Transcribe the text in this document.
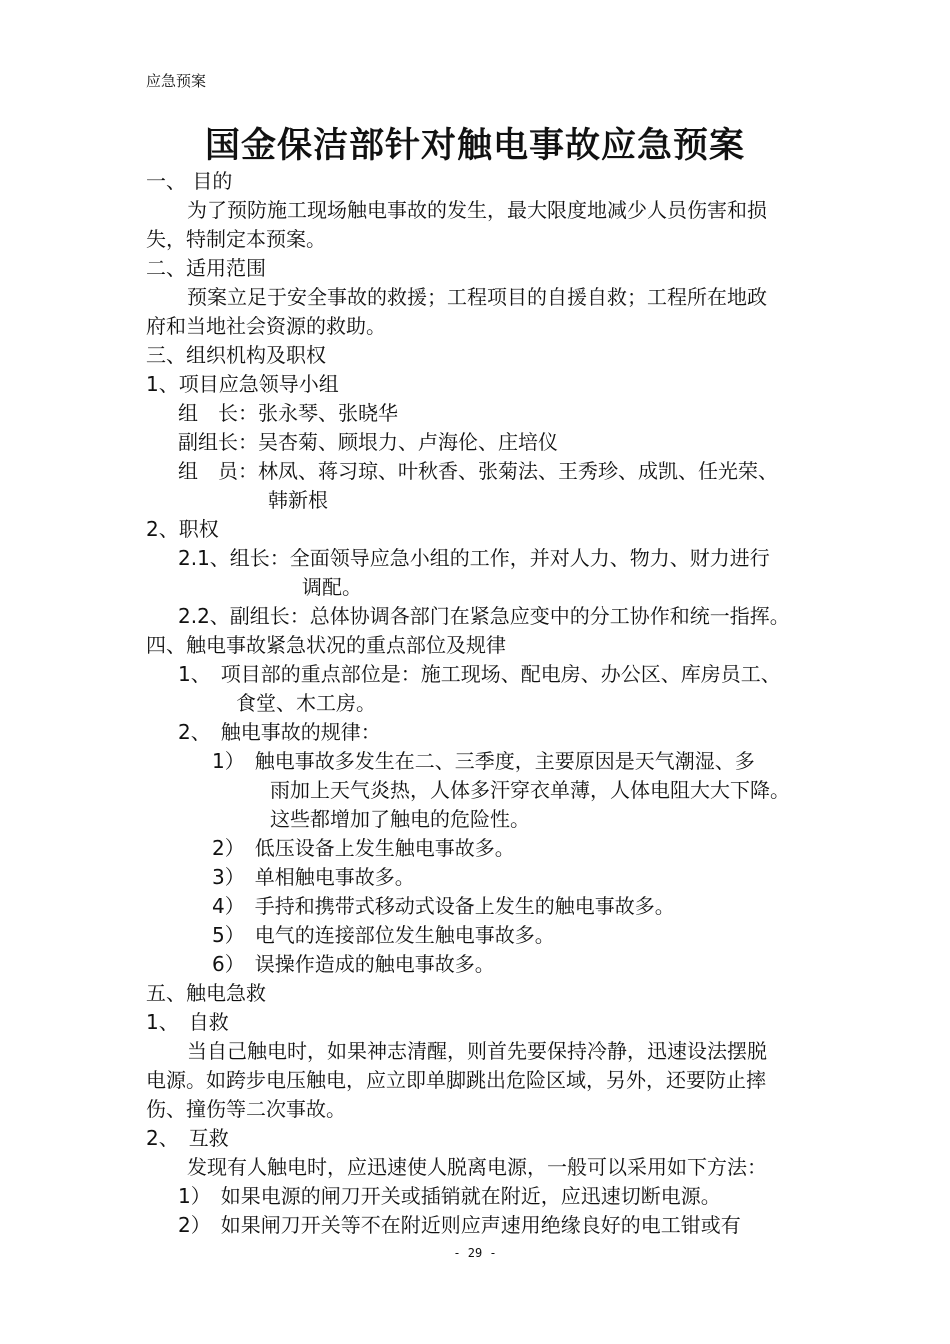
应急预案
国金保洁部针对触电事故应急预案
一、 目的
为了预防施工现场触电事故的发生，最大限度地减少人员伤害和损
失，特制定本预案。
二、适用范围
预案立足于安全事故的救援；工程项目的自援自救；工程所在地政
府和当地社会资源的救助。
三、组织机构及职权
1、项目应急领导小组
组　长：张永琴、张晓华
副组长：吴杏菊、顾垠力、卢海伦、庄培仪
组　员：林凤、蒋习琼、叶秋香、张菊法、王秀珍、成凯、任光荣、
韩新根
2、职权
2.1、组长：全面领导应急小组的工作，并对人力、物力、财力进行
调配。
2.2、副组长：总体协调各部门在紧急应变中的分工协作和统一指挥。
四、触电事故紧急状况的重点部位及规律
1、　项目部的重点部位是：施工现场、配电房、办公区、库房员工、
食堂、木工房。
2、　触电事故的规律：
1）　触电事故多发生在二、三季度，主要原因是天气潮湿、多
雨加上天气炎热，人体多汗穿衣单薄，人体电阻大大下降。
这些都增加了触电的危险性。
2）　低压设备上发生触电事故多。
3）　单相触电事故多。
4）　手持和携带式移动式设备上发生的触电事故多。
5）　电气的连接部位发生触电事故多。
6）　误操作造成的触电事故多。
五、触电急救
1、　自救
当自己触电时，如果神志清醒，则首先要保持冷静，迅速设法摆脱
电源。如跨步电压触电，应立即单脚跳出危险区域，另外，还要防止摔
伤、撞伤等二次事故。
2、　互救
发现有人触电时，应迅速使人脱离电源，一般可以采用如下方法：
1）　如果电源的闸刀开关或插销就在附近，应迅速切断电源。
2）　如果闸刀开关等不在附近则应声速用绝缘良好的电工钳或有
- 29 -
